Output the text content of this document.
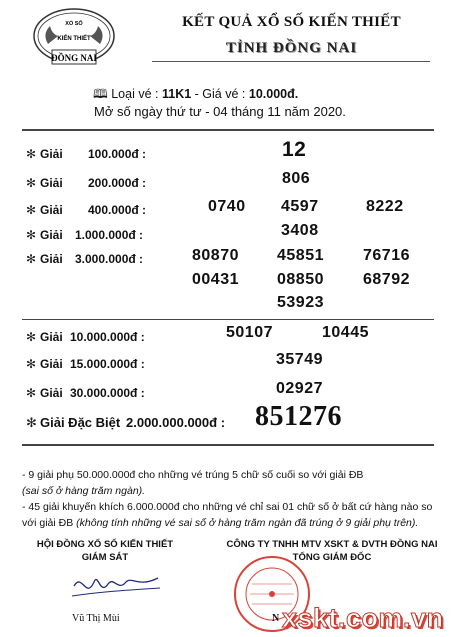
XỔ SỐ
KIẾN THIẾT
ĐỒNG NAI
KẾT QUẢ XỔ SỐ KIẾN THIẾT
TỈNH ĐỒNG NAI
🕮 Loại vé : 11K1 - Giá vé : 10.000đ.
Mở số ngày thứ tư - 04 tháng 11 năm 2020.
✻ Giải 100.000đ :	12
✻ Giải 200.000đ :	806
✻ Giải 400.000đ :	0740 4597	8222
✻ Giải 1.000.000đ :	3408
✻ Giải 3.000.000đ :	80870 45851 76716
00431 08850 68792
53923
✻ Giải 10.000.000đ :	50107	10445
✻ Giải 15.000.000đ :	35749
✻ Giải 30.000.000đ :	02927
✻ Giải Đặc Biệt 2.000.000.000đ : 851276

- 9 giải phụ 50.000.000đ cho những vé trúng 5 chữ số cuối so với giải ĐB

(sai số ở hàng trăm ngàn).

- 45 giải khuyến khích 6.000.000đ cho những vé chỉ sai 01 chữ số ở bất cứ hàng nào so với giải ĐB (không tính những vé sai số ở hàng trăm ngàn đã trúng ở 9 giải phụ trên).

HỘI ĐỒNG XỔ SỐ KIẾN THIẾT
GIÁM SÁT
Vũ Thị Mùi
CÔNG TY TNHH MTV XSKT & DVTH ĐỒNG NAI
TỔNG GIÁM ĐỐC
N xskt.com.vn
